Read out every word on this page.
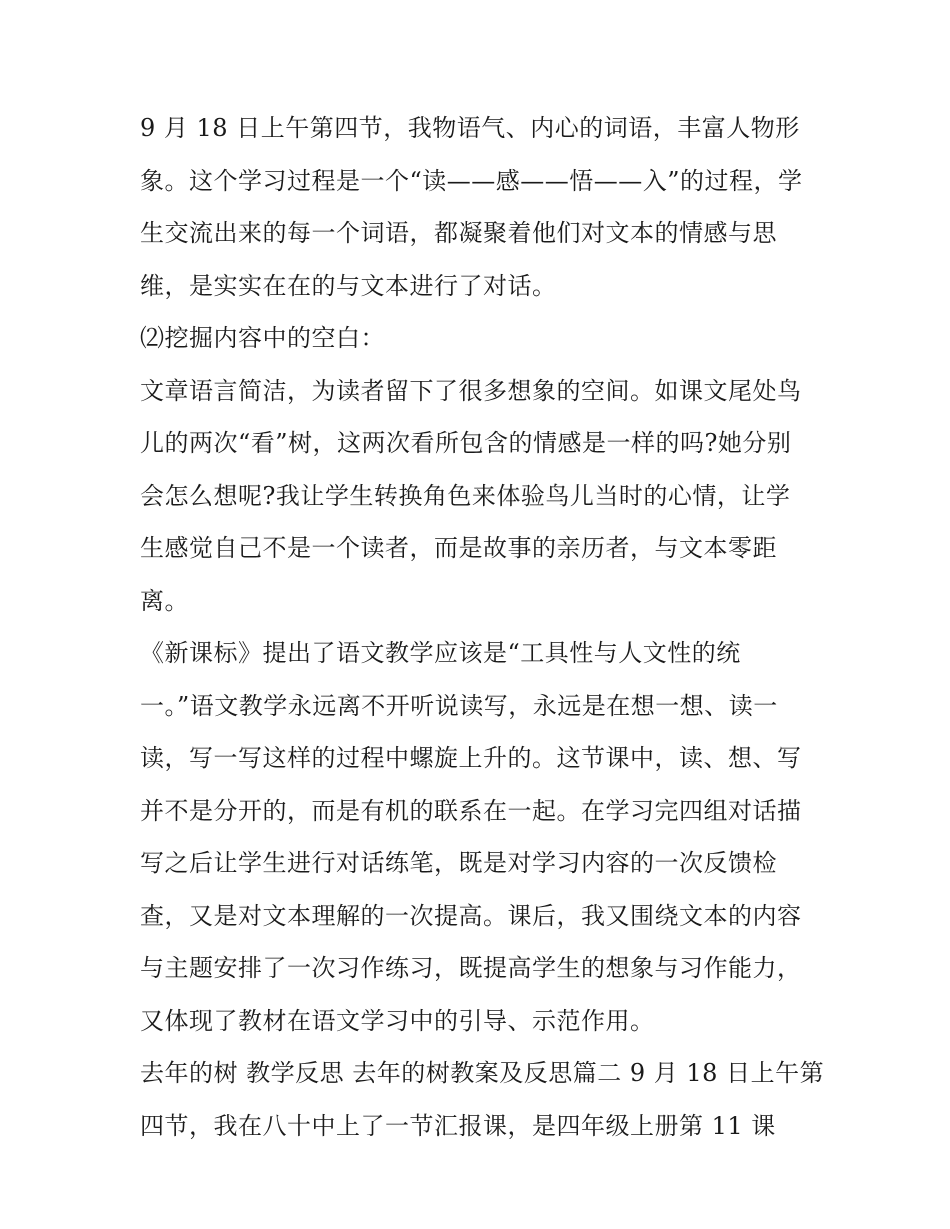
9 月 18 日上午第四节，我物语气、内心的词语，丰富人物形
象。这个学习过程是一个“读——感——悟——入”的过程，学
生交流出来的每一个词语，都凝聚着他们对文本的情感与思
维，是实实在在的与文本进行了对话。
⑵挖掘内容中的空白：
文章语言简洁，为读者留下了很多想象的空间。如课文尾处鸟
儿的两次“看”树，这两次看所包含的情感是一样的吗?她分别
会怎么想呢?我让学生转换角色来体验鸟儿当时的心情，让学
生感觉自己不是一个读者，而是故事的亲历者，与文本零距
离。
《新课标》提出了语文教学应该是“工具性与人文性的统
一。”语文教学永远离不开听说读写，永远是在想一想、读一
读，写一写这样的过程中螺旋上升的。这节课中，读、想、写
并不是分开的，而是有机的联系在一起。在学习完四组对话描
写之后让学生进行对话练笔，既是对学习内容的一次反馈检
查，又是对文本理解的一次提高。课后，我又围绕文本的内容
与主题安排了一次习作练习，既提高学生的想象与习作能力，
又体现了教材在语文学习中的引导、示范作用。
去年的树 教学反思 去年的树教案及反思篇二 9 月 18 日上午第
四节，我在八十中上了一节汇报课，是四年级上册第 11 课
